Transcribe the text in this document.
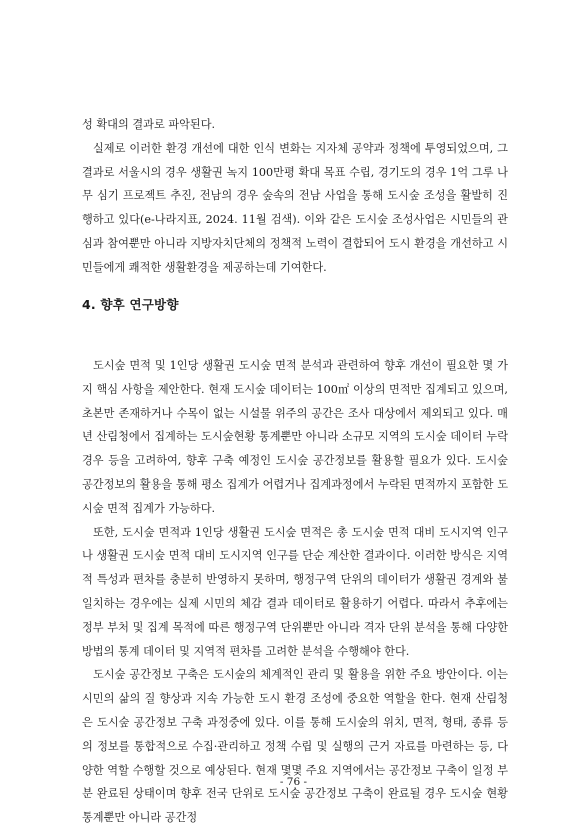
성 확대의 결과로 파악된다.

실제로 이러한 환경 개선에 대한 인식 변화는 지자체 공약과 정책에 투영되었으며, 그 결과로 서울시의 경우 생활권 녹지 100만평 확대 목표 수립, 경기도의 경우 1억 그루 나무 심기 프로젝트 추진, 전남의 경우 숲속의 전남 사업을 통해 도시숲 조성을 활발히 진행하고 있다(e-나라지표, 2024. 11월 검색). 이와 같은 도시숲 조성사업은 시민들의 관심과 참여뿐만 아니라 지방자치단체의 정책적 노력이 결합되어 도시 환경을 개선하고 시민들에게 쾌적한 생활환경을 제공하는데 기여한다.

4. 향후 연구방향

도시숲 면적 및 1인당 생활권 도시숲 면적 분석과 관련하여 향후 개선이 필요한 몇 가지 핵심 사항을 제안한다. 현재 도시숲 데이터는 100㎡ 이상의 면적만 집계되고 있으며, 초본만 존재하거나 수목이 없는 시설물 위주의 공간은 조사 대상에서 제외되고 있다. 매년 산림청에서 집계하는 도시숲현황 통계뿐만 아니라 소규모 지역의 도시숲 데이터 누락 경우 등을 고려하여, 향후 구축 예정인 도시숲 공간정보를 활용할 필요가 있다. 도시숲 공간정보의 활용을 통해 평소 집계가 어렵거나 집계과정에서 누락된 면적까지 포함한 도시숲 면적 집계가 가능하다.

또한, 도시숲 면적과 1인당 생활권 도시숲 면적은 총 도시숲 면적 대비 도시지역 인구나 생활권 도시숲 면적 대비 도시지역 인구를 단순 계산한 결과이다. 이러한 방식은 지역적 특성과 편차를 충분히 반영하지 못하며, 행정구역 단위의 데이터가 생활권 경계와 불일치하는 경우에는 실제 시민의 체감 결과 데이터로 활용하기 어렵다. 따라서 추후에는 정부 부처 및 집계 목적에 따른 행정구역 단위뿐만 아니라 격자 단위 분석을 통해 다양한 방법의 통계 데이터 및 지역적 편차를 고려한 분석을 수행해야 한다.

도시숲 공간정보 구축은 도시숲의 체계적인 관리 및 활용을 위한 주요 방안이다. 이는 시민의 삶의 질 향상과 지속 가능한 도시 환경 조성에 중요한 역할을 한다. 현재 산림청은 도시숲 공간정보 구축 과정중에 있다. 이를 통해 도시숲의 위치, 면적, 형태, 종류 등의 정보를 통합적으로 수집·관리하고 정책 수립 및 실행의 근거 자료를 마련하는 등, 다양한 역할 수행할 것으로 예상된다. 현재 몇몇 주요 지역에서는 공간정보 구축이 일정 부분 완료된 상태이며 향후 전국 단위로 도시숲 공간정보 구축이 완료될 경우 도시숲 현황 통계뿐만 아니라 공간정

- 76 -
